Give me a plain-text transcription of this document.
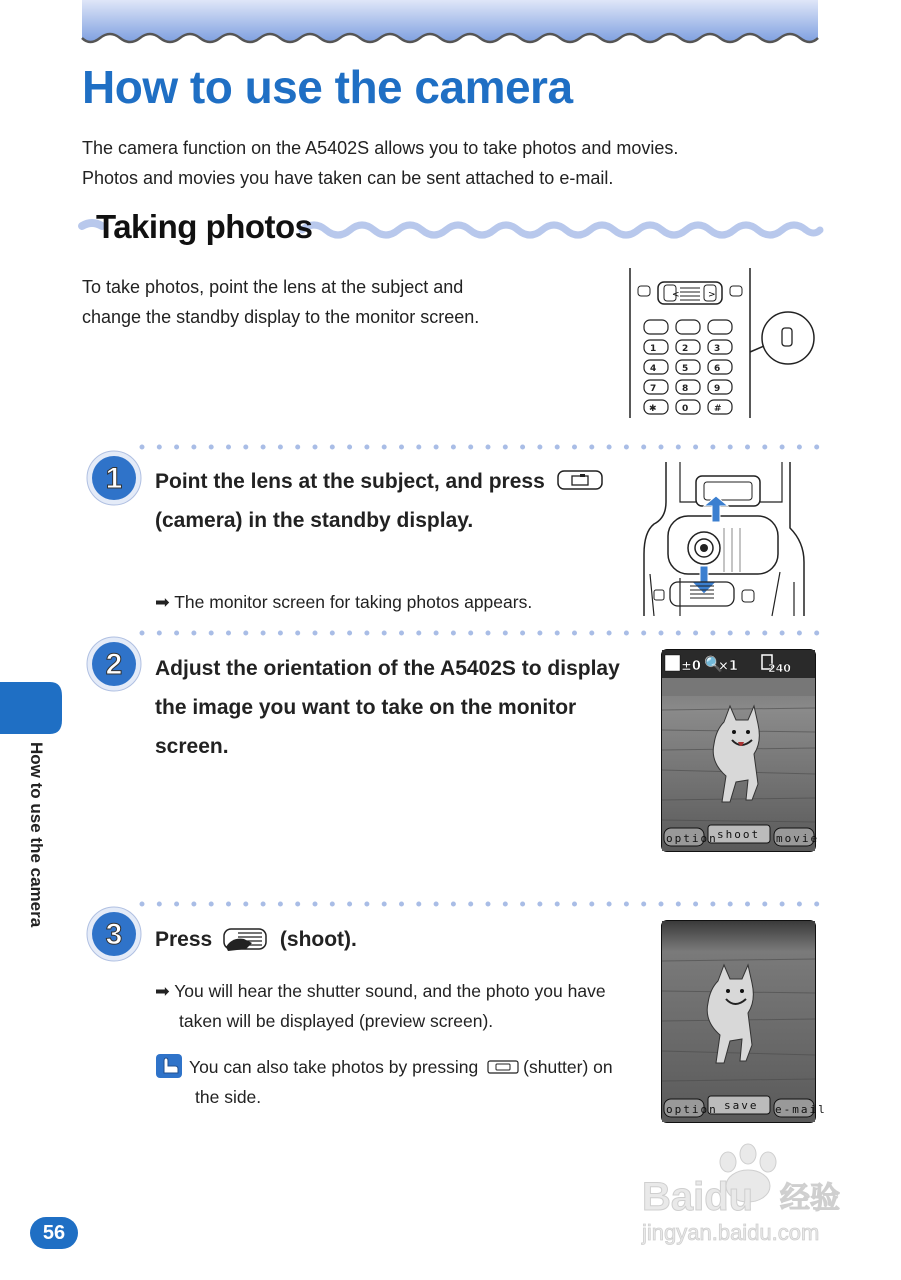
How to use the camera
The camera function on the A5402S allows you to take photos and movies.
Photos and movies you have taken can be sent attached to e-mail.
Taking photos
To take photos, point the lens at the subject and
change the standby display to the monitor screen.
<	>
1	2	3
4	5	6
7	8	9
✱	0	#
1 Point the lens at the subject, and press
(camera) in the standby display.
➡ The monitor screen for taking photos appears.
2 Adjust the orientation of the A5402S to display
the image you want to take on the monitor
screen.
±0 🔍
×1	240
option shoot movie
3 Press	(shoot).
➡ You will hear the shutter sound, and the photo you have
taken will be displayed (preview screen).
You can also take photos by pressing	(shutter) on
the side.
option save e-mail
How to use the camera
56
Baidu 经验
jingyan.baidu.com
